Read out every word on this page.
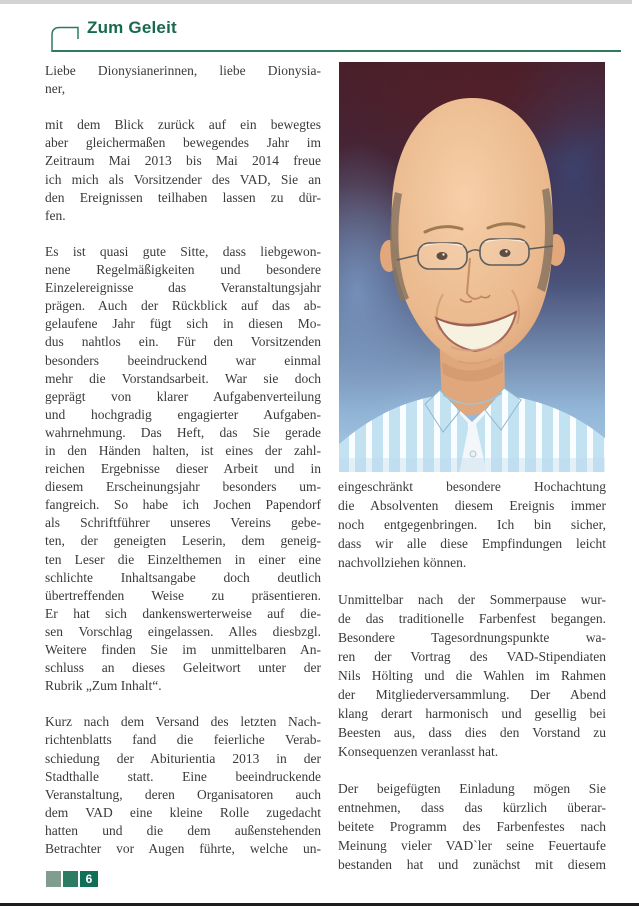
Zum Geleit
Liebe Dionysianerinnen, liebe Dionysia-
ner,
mit dem Blick zurück auf ein bewegtes
aber gleichermaßen bewegendes Jahr im
Zeitraum Mai 2013 bis Mai 2014 freue
ich mich als Vorsitzender des VAD, Sie an
den Ereignissen teilhaben lassen zu dür-
fen.
Es ist quasi gute Sitte, dass liebgewon-
nene Regelmäßigkeiten und besondere
Einzelereignisse das Veranstaltungsjahr
prägen. Auch der Rückblick auf das ab-
gelaufene Jahr fügt sich in diesen Mo-
dus nahtlos ein. Für den Vorsitzenden
besonders beeindruckend war einmal
mehr die Vorstandsarbeit. War sie doch
geprägt von klarer Aufgabenverteilung
und hochgradig engagierter Aufgaben-
wahrnehmung. Das Heft, das Sie gerade
in den Händen halten, ist eines der zahl-
reichen Ergebnisse dieser Arbeit und in
diesem Erscheinungsjahr besonders um-
fangreich. So habe ich Jochen Papendorf
als Schriftführer unseres Vereins gebe-
ten, der geneigten Leserin, dem geneig-
ten Leser die Einzelthemen in einer eine
schlichte Inhaltsangabe doch deutlich
übertreffenden Weise zu präsentieren.
Er hat sich dankenswerterweise auf die-
sen Vorschlag eingelassen. Alles diesbzgl.
Weitere finden Sie im unmittelbaren An-
schluss an dieses Geleitwort unter der
Rubrik „Zum Inhalt“.
Kurz nach dem Versand des letzten Nach-
richtenblatts fand die feierliche Verab-
schiedung der Abiturientia 2013 in der
Stadthalle statt. Eine beeindruckende
Veranstaltung, deren Organisatoren auch
dem VAD eine kleine Rolle zugedacht
hatten und die dem außenstehenden
Betrachter vor Augen führte, welche un-
eingeschränkt besondere Hochachtung
die Absolventen diesem Ereignis immer
noch entgegenbringen. Ich bin sicher,
dass wir alle diese Empfindungen leicht
nachvollziehen können.
Unmittelbar nach der Sommerpause wur-
de das traditionelle Farbenfest begangen.
Besondere Tagesordnungspunkte wa-
ren der Vortrag des VAD-Stipendiaten
Nils Hölting und die Wahlen im Rahmen
der Mitgliederversammlung. Der Abend
klang derart harmonisch und gesellig bei
Beesten aus, dass dies den Vorstand zu
Konsequenzen veranlasst hat.
Der beigefügten Einladung mögen Sie
entnehmen, dass das kürzlich überar-
beitete Programm des Farbenfestes nach
Meinung vieler VAD`ler seine Feuertaufe
bestanden hat und zunächst mit diesem
6
